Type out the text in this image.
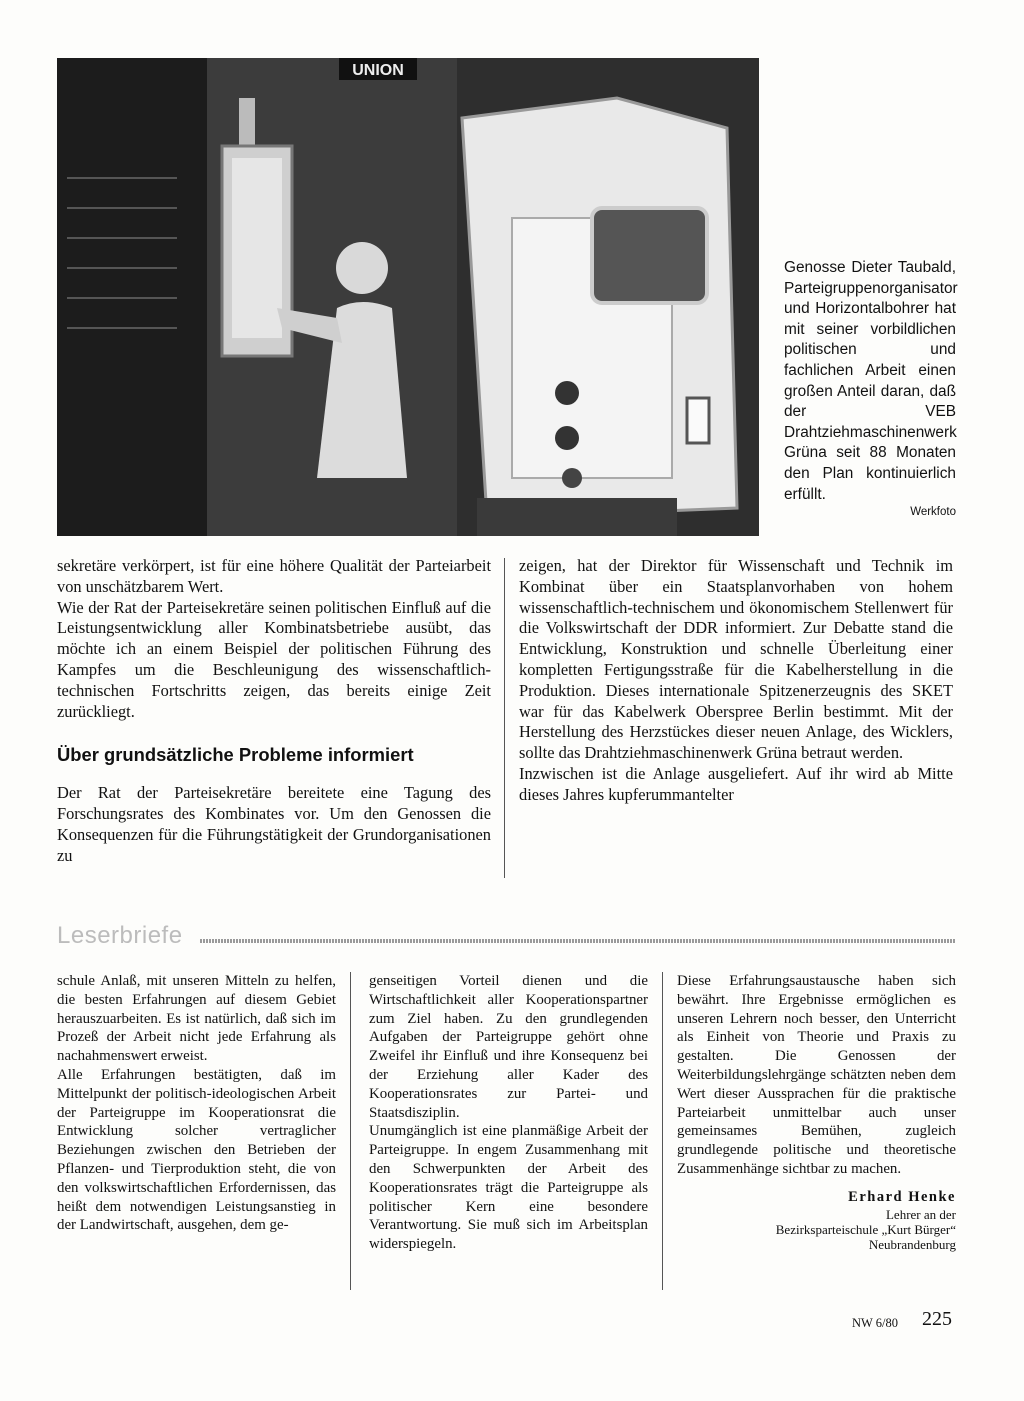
UNION
Genosse Dieter Taubald, Parteigruppenorganisator und Horizontalbohrer hat mit seiner vorbildlichen politischen und fachlichen Arbeit einen großen Anteil daran, daß der VEB Drahtziehmaschinenwerk Grüna seit 88 Monaten den Plan kontinuierlich erfüllt.
Werkfoto

sekretäre verkörpert, ist für eine höhere Qualität der Parteiarbeit von unschätzbarem Wert.

Wie der Rat der Parteisekretäre seinen politischen Einfluß auf die Leistungsentwicklung aller Kombinatsbetriebe ausübt, das möchte ich an einem Beispiel der politischen Führung des Kampfes um die Beschleunigung des wissenschaftlich-technischen Fortschritts zeigen, das bereits einige Zeit zurückliegt.

Über grundsätzliche Probleme informiert

Der Rat der Parteisekretäre bereitete eine Tagung des Forschungsrates des Kombinates vor. Um den Genossen die Konsequenzen für die Führungstätigkeit der Grundorganisationen zu

zeigen, hat der Direktor für Wissenschaft und Technik im Kombinat über ein Staatsplanvorhaben von hohem wissenschaftlich-technischem und ökonomischem Stellenwert für die Volkswirtschaft der DDR informiert. Zur Debatte stand die Entwicklung, Konstruktion und schnelle Überleitung einer kompletten Fertigungsstraße für die Kabelherstellung in die Produktion. Dieses internationale Spitzenerzeugnis des SKET war für das Kabelwerk Oberspree Berlin bestimmt. Mit der Herstellung des Herzstückes dieser neuen Anlage, des Wicklers, sollte das Drahtziehmaschinenwerk Grüna betraut werden.

Inzwischen ist die Anlage ausgeliefert. Auf ihr wird ab Mitte dieses Jahres kupferummantelter

Leserbriefe

schule Anlaß, mit unseren Mitteln zu helfen, die besten Erfahrungen auf diesem Gebiet herauszuarbeiten. Es ist natürlich, daß sich im Prozeß der Arbeit nicht jede Erfahrung als nachahmenswert erweist.

Alle Erfahrungen bestätigten, daß im Mittelpunkt der politisch-ideologischen Arbeit der Parteigruppe im Kooperationsrat die Entwicklung solcher vertraglicher Beziehungen zwischen den Betrieben der Pflanzen- und Tierproduktion steht, die von den volkswirtschaftlichen Erfordernissen, das heißt dem notwendigen Leistungsanstieg in der Landwirtschaft, ausgehen, dem ge-

genseitigen Vorteil dienen und die Wirtschaftlichkeit aller Kooperationspartner zum Ziel haben. Zu den grundlegenden Aufgaben der Parteigruppe gehört ohne Zweifel ihr Einfluß und ihre Konsequenz bei der Erziehung aller Kader des Kooperationsrates zur Partei- und Staatsdisziplin.

Unumgänglich ist eine planmäßige Arbeit der Parteigruppe. In engem Zusammenhang mit den Schwerpunkten der Arbeit des Kooperationsrates trägt die Parteigruppe als politischer Kern eine besondere Verantwortung. Sie muß sich im Arbeitsplan widerspiegeln.

Diese Erfahrungsaustausche haben sich bewährt. Ihre Ergebnisse ermöglichen es unseren Lehrern noch besser, den Unterricht als Einheit von Theorie und Praxis zu gestalten. Die Genossen der Weiterbildungslehrgänge schätzten neben dem Wert dieser Aussprachen für die praktische Parteiarbeit unmittelbar auch unser gemeinsames Bemühen, zugleich grundlegende politische und theoretische Zusammenhänge sichtbar zu machen.

Erhard Henke
Lehrer an der
Bezirksparteischule „Kurt Bürger“
Neubrandenburg

NW 6/80 225
